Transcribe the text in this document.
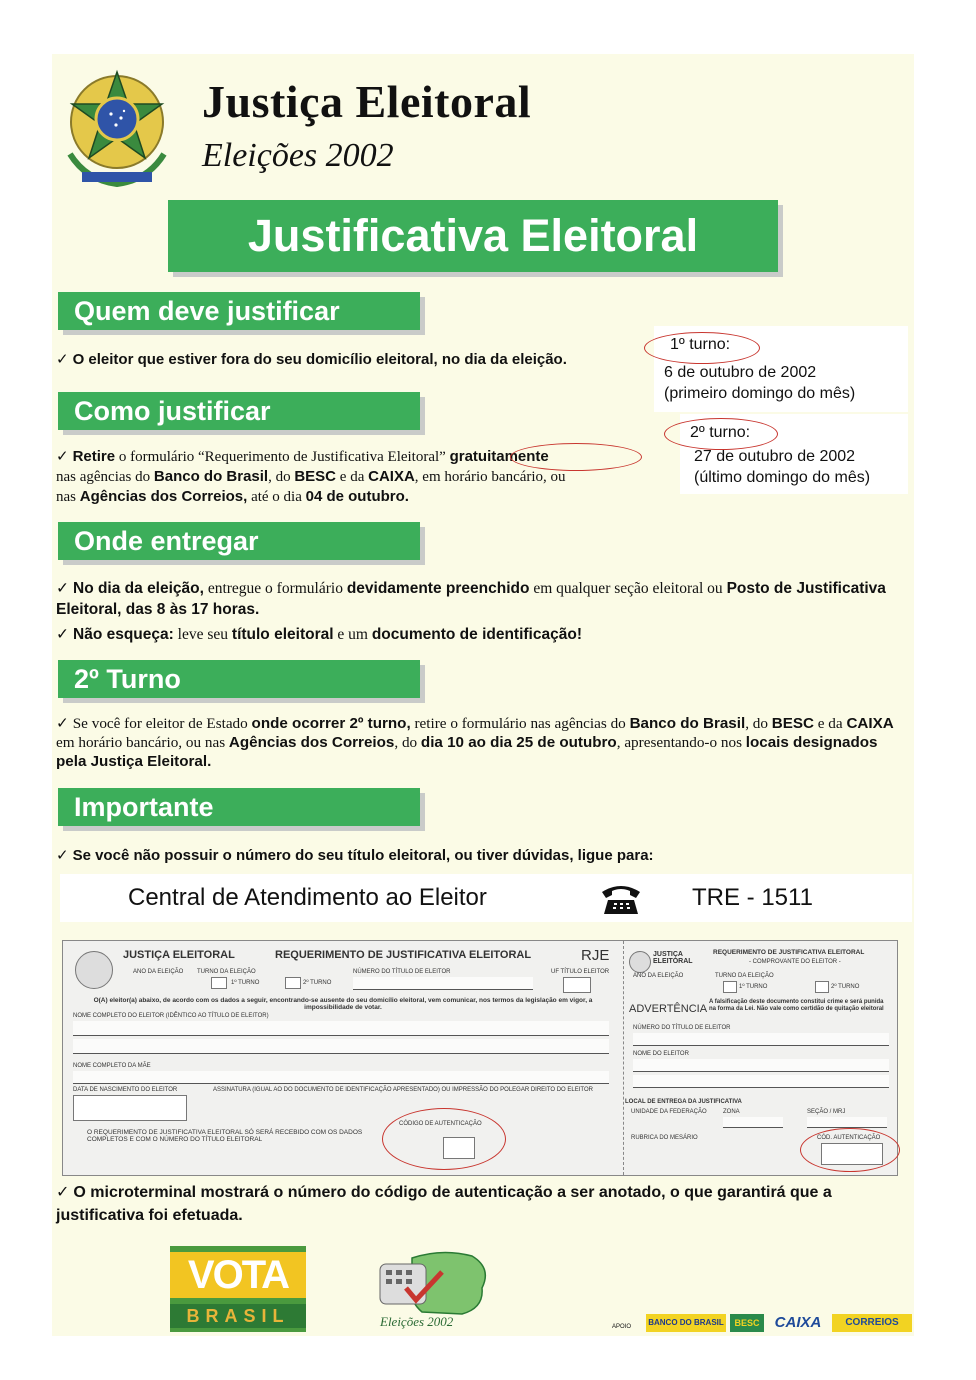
Justiça Eleitoral
Eleições 2002
Justificativa Eleitoral
Quem deve justificar
✓ O eleitor que estiver fora do seu domicílio eleitoral, no dia da eleição.
1º turno:
6 de outubro de 2002
(primeiro domingo do mês)
2º turno:
27 de outubro de 2002
(último domingo do mês)
Como justificar
✓ Retire o formulário “Requerimento de Justificativa Eleitoral” gratuitamente
nas agências do Banco do Brasil, do BESC e da CAIXA, em horário bancário, ou
nas Agências dos Correios, até o dia 04 de outubro.
Onde entregar
✓ No dia da eleição, entregue o formulário devidamente preenchido em qualquer seção eleitoral ou Posto de Justificativa Eleitoral, das 8 às 17 horas.

✓ Não esqueça: leve seu título eleitoral e um documento de identificação!
2º Turno
✓ Se você for eleitor de Estado onde ocorrer 2º turno, retire o formulário nas agências do Banco do Brasil, do BESC e da CAIXA em horário bancário, ou nas Agências dos Correios, do dia 10 ao dia 25 de outubro, apresentando-o nos locais designados pela Justiça Eleitoral.
Importante
✓ Se você não possuir o número do seu título eleitoral, ou tiver dúvidas, ligue para:
Central de Atendimento ao Eleitor	TRE - 1511
JUSTIÇA ELEITORAL	REQUERIMENTO DE JUSTIFICATIVA ELEITORAL	RJE
ANO DA ELEIÇÃO TURNO DA ELEIÇÃO
1º TURNO	2º TURNO
NÚMERO DO TÍTULO DE ELEITOR	UF TÍTULO ELEITOR
O(A) eleitor(a) abaixo, de acordo com os dados a seguir, encontrando-se ausente do seu domicílio eleitoral, vem comunicar, nos termos da legislação em vigor, a impossibilidade de votar.
NOME COMPLETO DO ELEITOR (IDÊNTICO AO TÍTULO DE ELEITOR)
NOME COMPLETO DA MÃE
DATA DE NASCIMENTO DO ELEITOR	ASSINATURA (IGUAL AO DO DOCUMENTO DE IDENTIFICAÇÃO APRESENTADO) OU IMPRESSÃO DO POLEGAR DIREITO DO ELEITOR
O REQUERIMENTO DE JUSTIFICATIVA ELEITORAL SÓ SERÁ RECEBIDO COM OS DADOS COMPLETOS E COM O NÚMERO DO TÍTULO ELEITORAL
CÓDIGO DE AUTENTICAÇÃO
JUSTIÇA ELEITORAL
REQUERIMENTO DE JUSTIFICATIVA ELEITORAL
- COMPROVANTE DO ELEITOR -
ANO DA ELEIÇÃO	TURNO DA ELEIÇÃO
1º TURNO	2º TURNO
ADVERTÊNCIA
A falsificação deste documento constitui crime e será punida na forma da Lei. Não vale como certidão de quitação eleitoral
NÚMERO DO TÍTULO DE ELEITOR
NOME DO ELEITOR
LOCAL DE ENTREGA DA JUSTIFICATIVA
UNIDADE DA FEDERAÇÃO	ZONA	SEÇÃO / MRJ
RUBRICA DO MESÁRIO	CÓD. AUTENTICAÇÃO
✓ O microterminal mostrará o número do código de autenticação a ser anotado, o que garantirá que a justificativa foi efetuada.
VOTA
BRASIL	Eleições 2002	APOIO BANCO DO BRASIL	BESC	CAIXA	CORREIOS
